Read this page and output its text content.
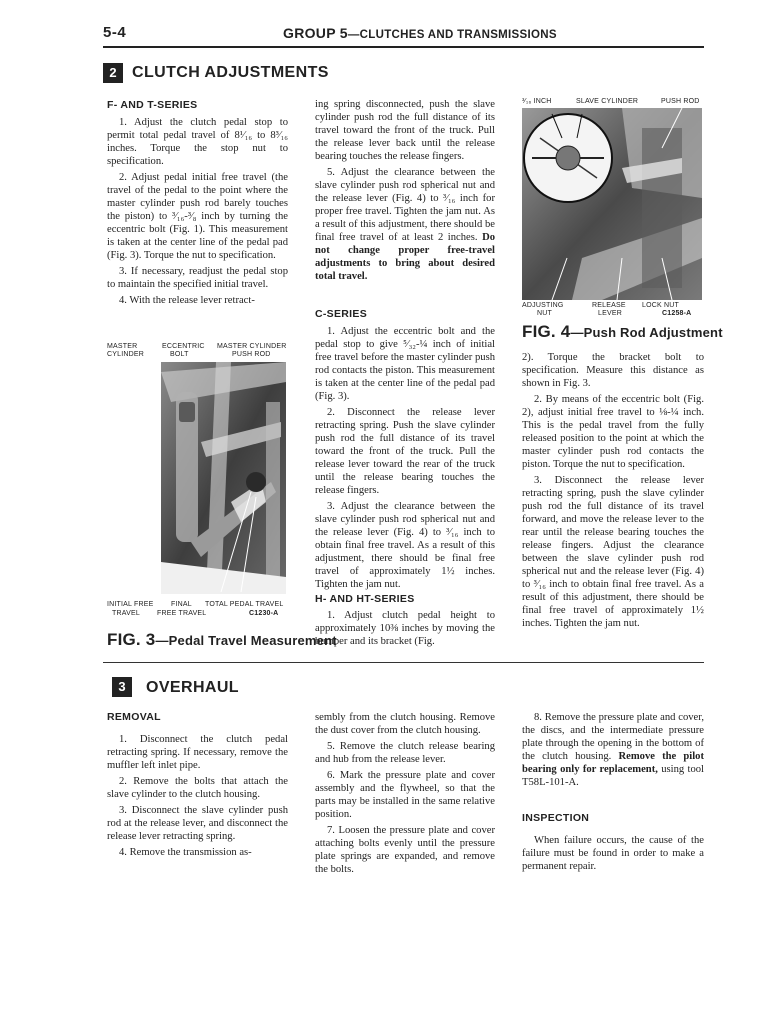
5-4	GROUP 5—CLUTCHES AND TRANSMISSIONS
2 CLUTCH ADJUSTMENTS
F- AND T-SERIES

1. Adjust the clutch pedal stop to permit total pedal travel of 8¹⁄₁₆ to 8³⁄₁₆ inches. Torque the stop nut to specification.

2. Adjust pedal initial free travel (the travel of the pedal to the point where the master cylinder push rod barely touches the piston) to ³⁄₁₆-³⁄₈ inch by turning the eccentric bolt (Fig. 1). This measurement is taken at the center line of the pedal pad (Fig. 3). Torque the nut to specification.

3. If necessary, readjust the pedal stop to maintain the specified initial travel.

4. With the release lever retract-

MASTER
CYLINDER
ECCENTRIC
BOLT
MASTER CYLINDER
PUSH ROD
INITIAL FREE
TRAVEL
FINAL
FREE TRAVEL
TOTAL PEDAL TRAVEL
C1230-A
FIG. 3—Pedal Travel Measurement

ing spring disconnected, push the slave cylinder push rod the full distance of its travel toward the front of the truck. Pull the release lever back until the release bearing touches the release fingers.

5. Adjust the clearance between the slave cylinder push rod spherical nut and the release lever (Fig. 4) to ³⁄₁₆ inch for proper free travel. Tighten the jam nut. As a result of this adjustment, there should be final free travel of at least 2 inches. Do not change proper free-travel adjustments to bring about desired total travel.

C-SERIES

1. Adjust the eccentric bolt and the pedal stop to give ⁵⁄₃₂-¼ inch of initial free travel before the master cylinder push rod contacts the piston. This measurement is taken at the center line of the pedal pad (Fig. 3).

2. Disconnect the release lever retracting spring. Push the slave cylinder push rod the full distance of its travel toward the front of the truck. Pull the release lever toward the rear of the truck until the release bearing touches the release fingers.

3. Adjust the clearance between the slave cylinder push rod spherical nut and the release lever (Fig. 4) to ³⁄₁₆ inch to obtain final free travel. As a result of this adjustment, there should be final free travel of approximately 1½ inches. Tighten the jam nut.

H- AND HT-SERIES

1. Adjust clutch pedal height to approximately 10⅜ inches by moving the bumper and its bracket (Fig.

³⁄₁₆ INCH	SLAVE CYLINDER	PUSH ROD
ADJUSTING
NUT
RELEASE
LEVER
LOCK NUT
C1258-A
FIG. 4—Push Rod Adjustment

2). Torque the bracket bolt to specification. Measure this distance as shown in Fig. 3.

2. By means of the eccentric bolt (Fig. 2), adjust initial free travel to ⅛-¼ inch. This is the pedal travel from the fully released position to the point at which the master cylinder push rod contacts the piston. Torque the nut to specification.

3. Disconnect the release lever retracting spring, push the slave cylinder push rod the full distance of its travel forward, and move the release lever to the rear until the release bearing touches the release fingers. Adjust the clearance between the slave cylinder push rod spherical nut and the release lever (Fig. 4) to ³⁄₁₆ inch to obtain final free travel. As a result of this adjustment, there should be final free travel of approximately 1½ inches. Tighten the jam nut.

3	OVERHAUL
REMOVAL

1. Disconnect the clutch pedal retracting spring. If necessary, remove the muffler left inlet pipe.

2. Remove the bolts that attach the slave cylinder to the clutch housing.

3. Disconnect the slave cylinder push rod at the release lever, and disconnect the release lever retracting spring.

4. Remove the transmission as-

sembly from the clutch housing. Remove the dust cover from the clutch housing.

5. Remove the clutch release bearing and hub from the release lever.

6. Mark the pressure plate and cover assembly and the flywheel, so that the parts may be installed in the same relative position.

7. Loosen the pressure plate and cover attaching bolts evenly until the pressure plate springs are expanded, and remove the bolts.

8. Remove the pressure plate and cover, the discs, and the intermediate pressure plate through the opening in the bottom of the clutch housing. Remove the pilot bearing only for replacement, using tool T58L-101-A.

INSPECTION

When failure occurs, the cause of the failure must be found in order to make a permanent repair.
